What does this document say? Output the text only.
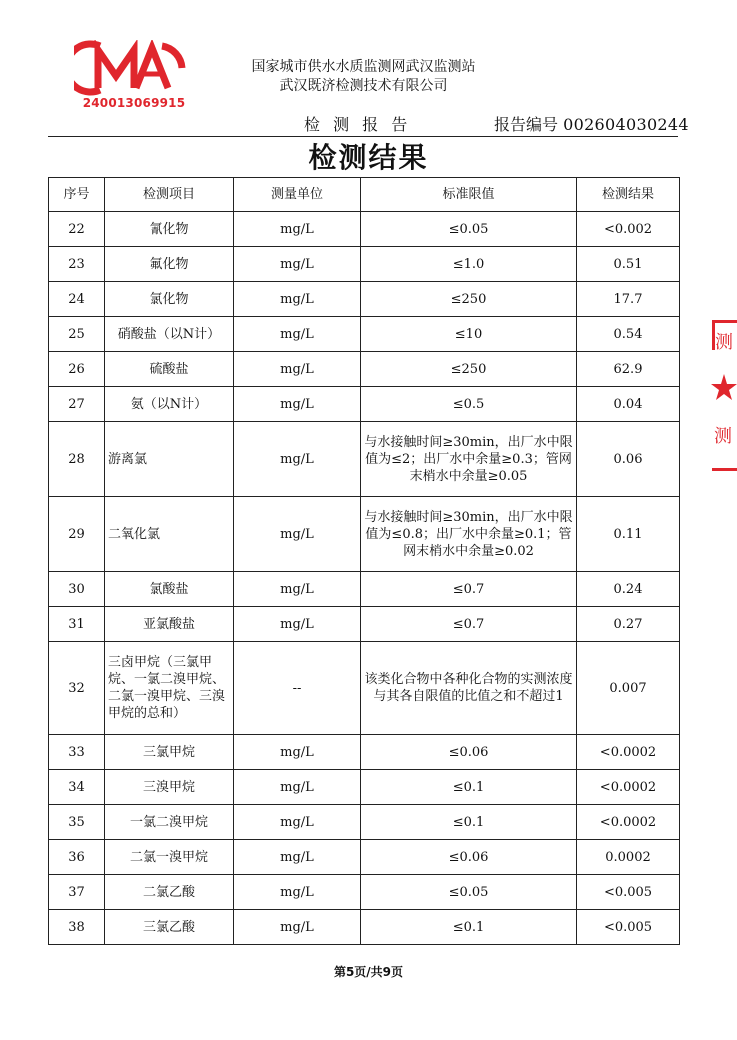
240013069915
国家城市供水水质监测网武汉监测站
武汉既济检测技术有限公司
检 测 报 告	报告编号 002604030244
检测结果
序号	检测项目	测量单位	标准限值	检测结果
22	氰化物	mg/L	≤0.05	<0.002
23	氟化物	mg/L	≤1.0	0.51
24	氯化物	mg/L	≤250	17.7
25	硝酸盐（以N计）	mg/L	≤10	0.54
26	硫酸盐	mg/L	≤250	62.9
27	氨（以N计）	mg/L	≤0.5	0.04
28	游离氯	mg/L	与水接触时间≥30min，出厂水中限值为≤2；出厂水中余量≥0.3；管网末梢水中余量≥0.05	0.06
29	二氧化氯	mg/L	与水接触时间≥30min，出厂水中限值为≤0.8；出厂水中余量≥0.1；管网末梢水中余量≥0.02	0.11
30	氯酸盐	mg/L	≤0.7	0.24
31	亚氯酸盐	mg/L	≤0.7	0.27
32	三卤甲烷（三氯甲烷、一氯二溴甲烷、二氯一溴甲烷、三溴甲烷的总和）	--	该类化合物中各种化合物的实测浓度与其各自限值的比值之和不超过1	0.007
33	三氯甲烷	mg/L	≤0.06	<0.0002
34	三溴甲烷	mg/L	≤0.1	<0.0002
35	一氯二溴甲烷	mg/L	≤0.1	<0.0002
36	二氯一溴甲烷	mg/L	≤0.06	0.0002
37	二氯乙酸	mg/L	≤0.05	<0.005
38	三氯乙酸	mg/L	≤0.1	<0.005
第5页/共9页
测
测
